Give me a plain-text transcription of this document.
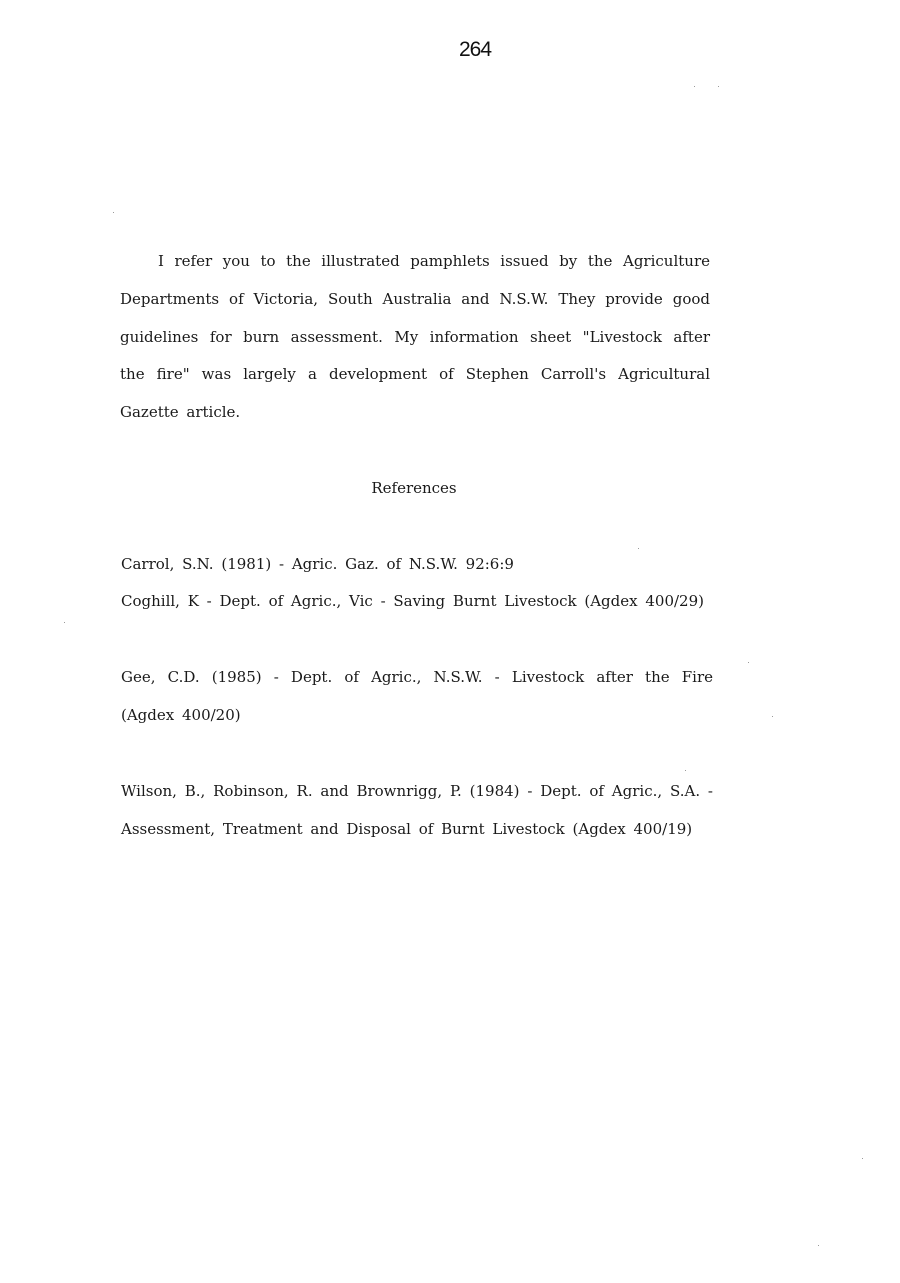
264

I refer you to the illustrated pamphlets issued by the Agriculture Departments of Victoria, South Australia and N.S.W. They provide good guidelines for burn assessment. My information sheet "Livestock after the fire" was largely a development of Stephen Carroll's Agricultural Gazette article.

References

Carrol, S.N. (1981) - Agric. Gaz. of N.S.W. 92:6:9

Coghill, K - Dept. of Agric., Vic - Saving Burnt Livestock (Agdex 400/29)

Gee, C.D. (1985) - Dept. of Agric., N.S.W. - Livestock after the Fire (Agdex 400/20)

Wilson, B., Robinson, R. and Brownrigg, P. (1984) - Dept. of Agric., S.A. - Assessment, Treatment and Disposal of Burnt Livestock (Agdex 400/19)
